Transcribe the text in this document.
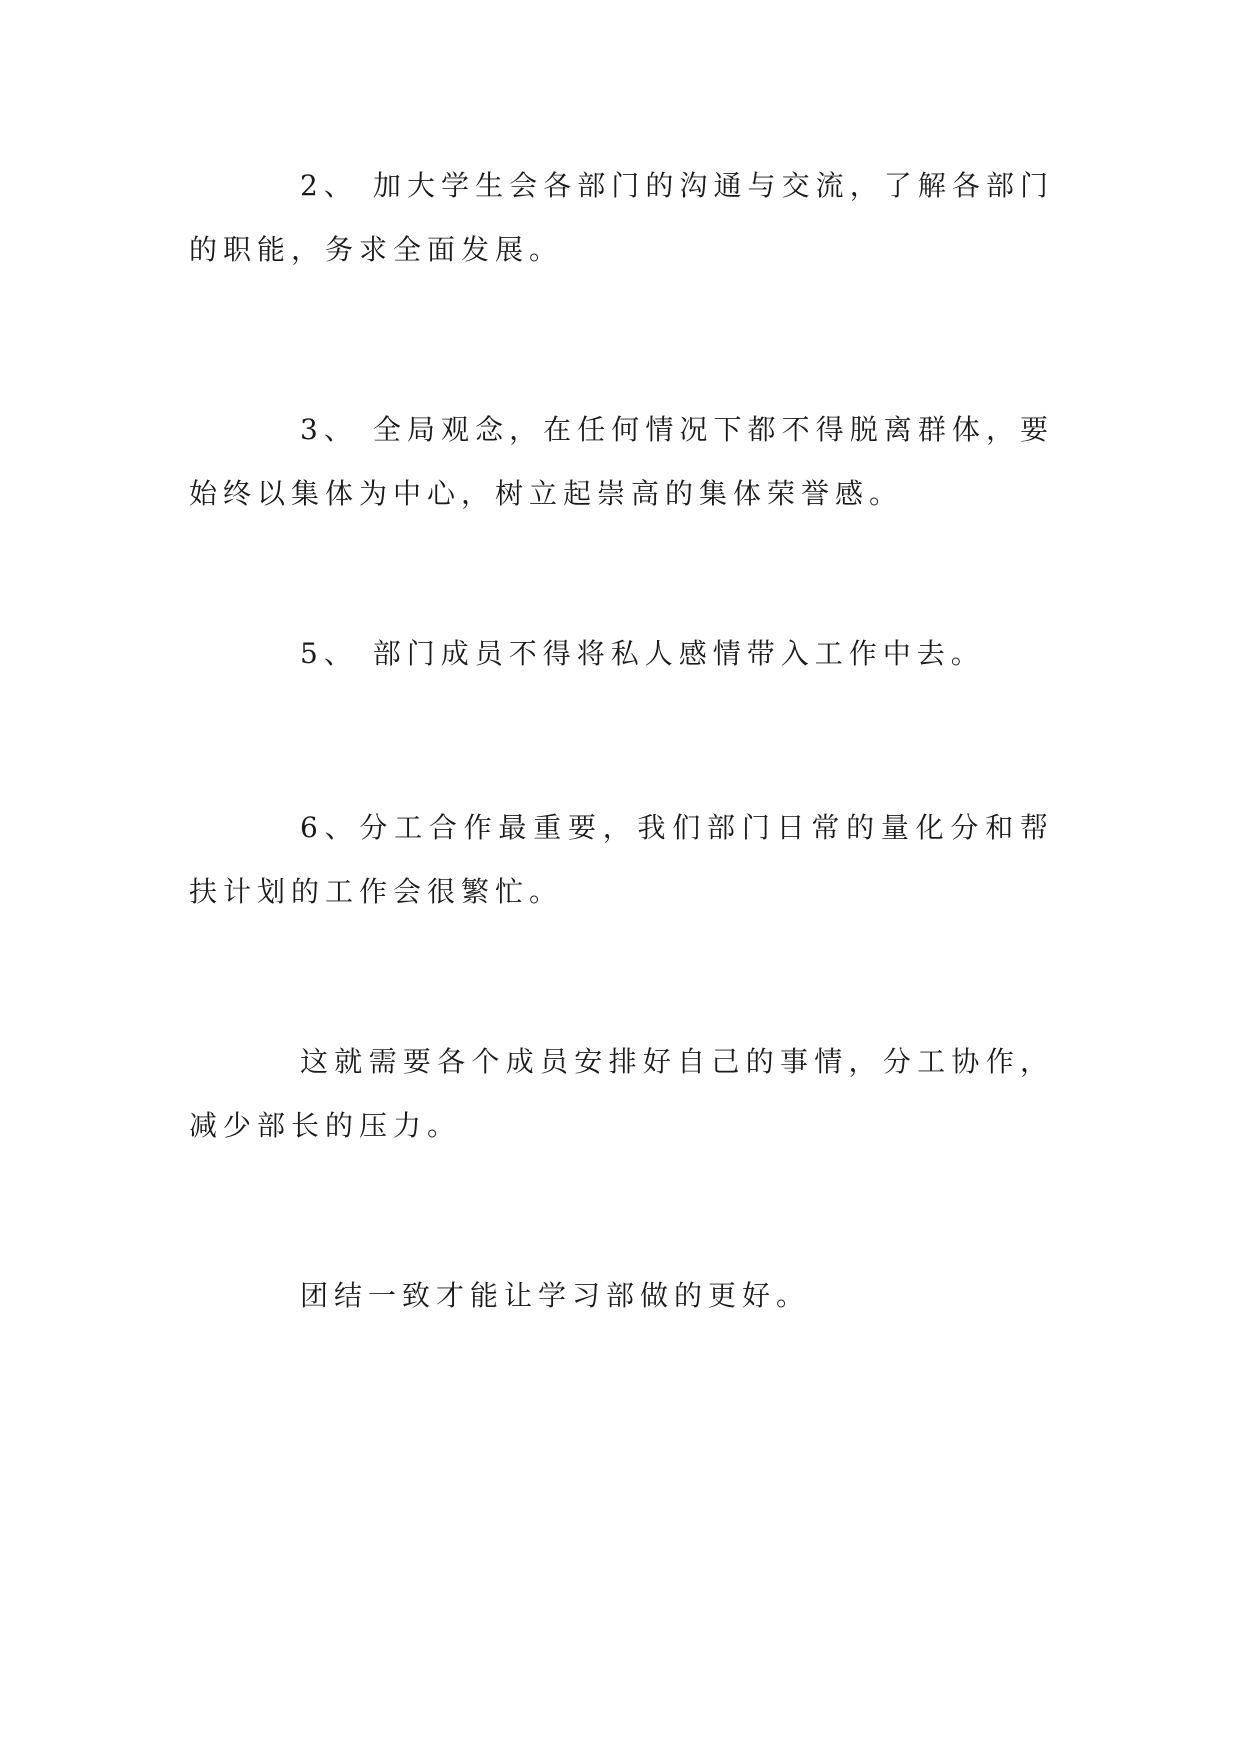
2、 加大学生会各部门的沟通与交流，了解各部门的职能，务求全面发展。

3、 全局观念，在任何情况下都不得脱离群体，要始终以集体为中心，树立起崇高的集体荣誉感。

5、 部门成员不得将私人感情带入工作中去。

6、分工合作最重要，我们部门日常的量化分和帮扶计划的工作会很繁忙。

这就需要各个成员安排好自己的事情，分工协作，减少部长的压力。

团结一致才能让学习部做的更好。
